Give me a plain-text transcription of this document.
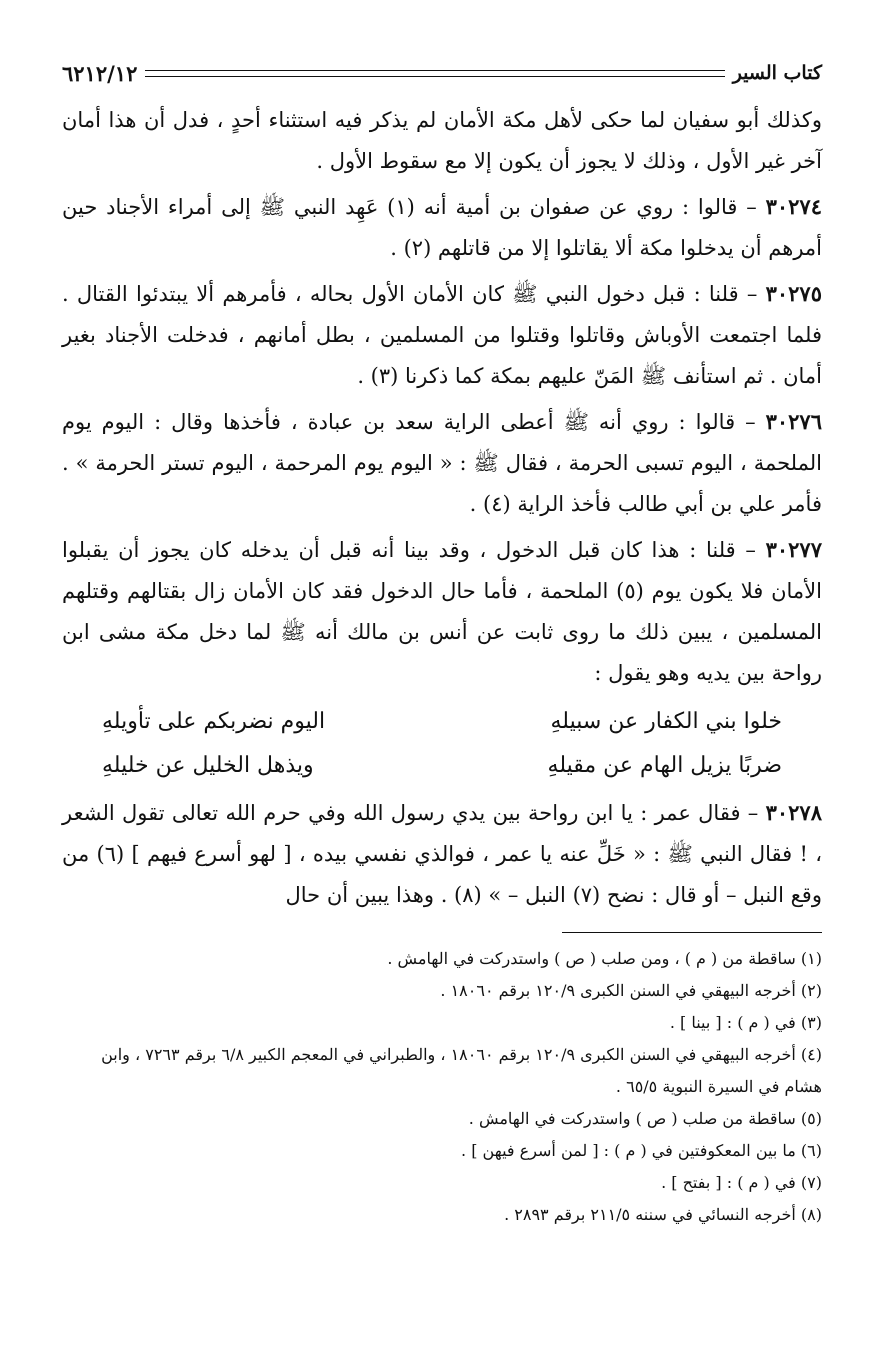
كتاب السير
٦٢١٢/١٢

وكذلك أبو سفيان لما حكى لأهل مكة الأمان لم يذكر فيه استثناء أحدٍ ، فدل أن هذا أمان آخر غير الأول ، وذلك لا يجوز أن يكون إلا مع سقوط الأول .

٣٠٢٧٤ – قالوا : روي عن صفوان بن أمية أنه (١) عَهِد النبي ﷺ إلى أمراء الأجناد حين أمرهم أن يدخلوا مكة ألا يقاتلوا إلا من قاتلهم (٢) .

٣٠٢٧٥ – قلنا : قبل دخول النبي ﷺ كان الأمان الأول بحاله ، فأمرهم ألا يبتدئوا القتال . فلما اجتمعت الأوباش وقاتلوا وقتلوا من المسلمين ، بطل أمانهم ، فدخلت الأجناد بغير أمان . ثم استأنف ﷺ المَنّ عليهم بمكة كما ذكرنا (٣) .

٣٠٢٧٦ – قالوا : روي أنه ﷺ أعطى الراية سعد بن عبادة ، فأخذها وقال : اليوم يوم الملحمة ، اليوم تسبى الحرمة ، فقال ﷺ : « اليوم يوم المرحمة ، اليوم تستر الحرمة » . فأمر علي بن أبي طالب فأخذ الراية (٤) .

٣٠٢٧٧ – قلنا : هذا كان قبل الدخول ، وقد بينا أنه قبل أن يدخله كان يجوز أن يقبلوا الأمان فلا يكون يوم (٥) الملحمة ، فأما حال الدخول فقد كان الأمان زال بقتالهم وقتلهم المسلمين ، يبين ذلك ما روى ثابت عن أنس بن مالك أنه ﷺ لما دخل مكة مشى ابن رواحة بين يديه وهو يقول :

خلوا بني الكفار عن سبيلهِ
اليوم نضربكم على تأويلهِ
ضربًا يزيل الهام عن مقيلهِ
ويذهل الخليل عن خليلهِ

٣٠٢٧٨ – فقال عمر : يا ابن رواحة بين يدي رسول الله وفي حرم الله تعالى تقول الشعر ، ! فقال النبي ﷺ : « خَلِّ عنه يا عمر ، فوالذي نفسي بيده ، [ لهو أسرع فيهم ] (٦) من وقع النبل – أو قال : نضح (٧) النبل – » (٨) . وهذا يبين أن حال

(١) ساقطة من ( م ) ، ومن صلب ( ص ) واستدركت في الهامش .

(٢) أخرجه البيهقي في السنن الكبرى ١٢٠/٩ برقم ١٨٠٦٠ .

(٣) في ( م ) : [ بينا ] .

(٤) أخرجه البيهقي في السنن الكبرى ١٢٠/٩ برقم ١٨٠٦٠ ، والطبراني في المعجم الكبير ٦/٨ برقم ٧٢٦٣ ، وابن هشام في السيرة النبوية ٦٥/٥ .

(٥) ساقطة من صلب ( ص ) واستدركت في الهامش .

(٦) ما بين المعكوفتين في ( م ) : [ لمن أسرع فيهن ] .

(٧) في ( م ) : [ بفتح ] .

(٨) أخرجه النسائي في سننه ٢١١/٥ برقم ٢٨٩٣ .
